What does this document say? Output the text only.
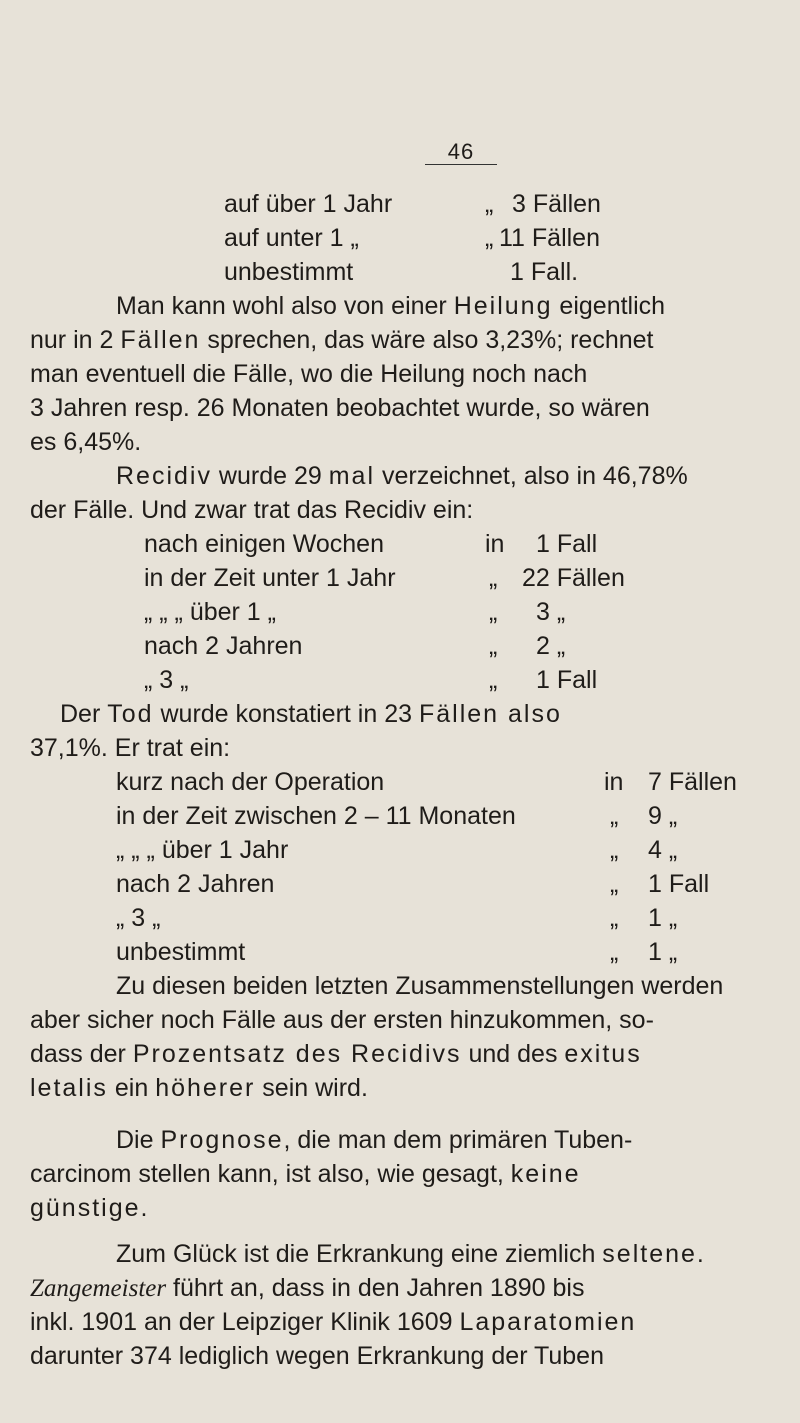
46
auf über 1 Jahr	„ 3 Fällen
auf unter 1 „	„ 11 Fällen
unbestimmt	1 Fall.
Man kann wohl also von einer Heilung eigentlich
nur in 2 Fällen sprechen, das wäre also 3,23%; rechnet
man eventuell die Fälle, wo die Heilung noch nach
3 Jahren resp. 26 Monaten beobachtet wurde, so wären
es 6,45%.
Recidiv wurde 29 mal verzeichnet, also in 46,78%
der Fälle. Und zwar trat das Recidiv ein:
nach einigen Wochen	in 1 Fall
in der Zeit unter 1 Jahr	„ 22 Fällen
„ „ „ über 1 „	„ 3 „
nach 2 Jahren	„ 2 „
„ 3 „	„ 1 Fall
Der Tod wurde konstatiert in 23 Fällen also
37,1%. Er trat ein:
kurz nach der Operation	in 7 Fällen
in der Zeit zwischen 2 – 11 Monaten	„ 9 „
„ „ „ über 1 Jahr	„ 4 „
nach 2 Jahren	„ 1 Fall
„ 3 „	„ 1 „
unbestimmt	„ 1 „
Zu diesen beiden letzten Zusammenstellungen werden
aber sicher noch Fälle aus der ersten hinzukommen, so-
dass der Prozentsatz des Recidivs und des exitus
letalis ein höherer sein wird.
Die Prognose, die man dem primären Tuben-
carcinom stellen kann, ist also, wie gesagt, keine
günstige.
Zum Glück ist die Erkrankung eine ziemlich seltene.
Zangemeister führt an, dass in den Jahren 1890 bis
inkl. 1901 an der Leipziger Klinik 1609 Laparatomien
darunter 374 lediglich wegen Erkrankung der Tuben
